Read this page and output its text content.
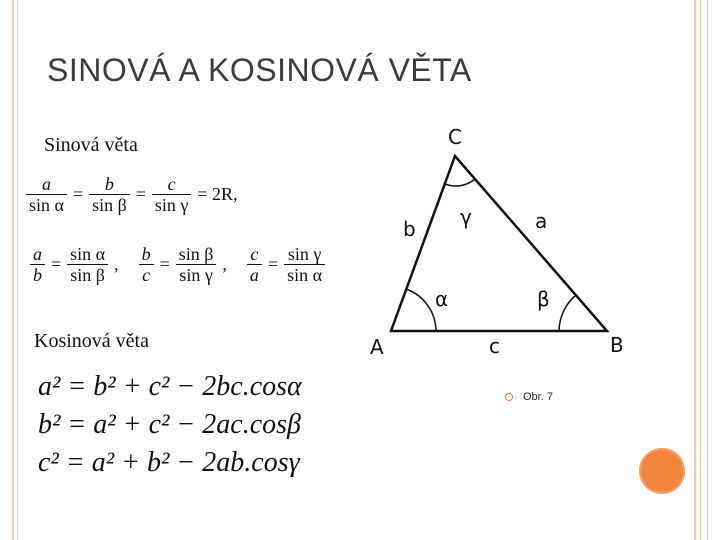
SINOVÁ A KOSINOVÁ VĚTA
Sinová věta
$\frac{a}{\text{sin α}} = \frac{b}{\text{sin β}} = \frac{c}{\text{sin γ}} = 2R$,
$\frac{a}{b} = \frac{\text{sin α}}{\text{sin β}}$ , $\frac{b}{c} = \frac{\text{sin β}}{\text{sin γ}}$ , $\frac{c}{a} = \frac{\text{sin γ}}{\text{sin α}}$
Kosinová věta
a² = b² + c² − 2bc.cosα
b² = a² + c² − 2ac.cosβ
c² = a² + b² − 2ab.cosγ
C
A	B
b	a
c
γ
α	β
Obr. 7
